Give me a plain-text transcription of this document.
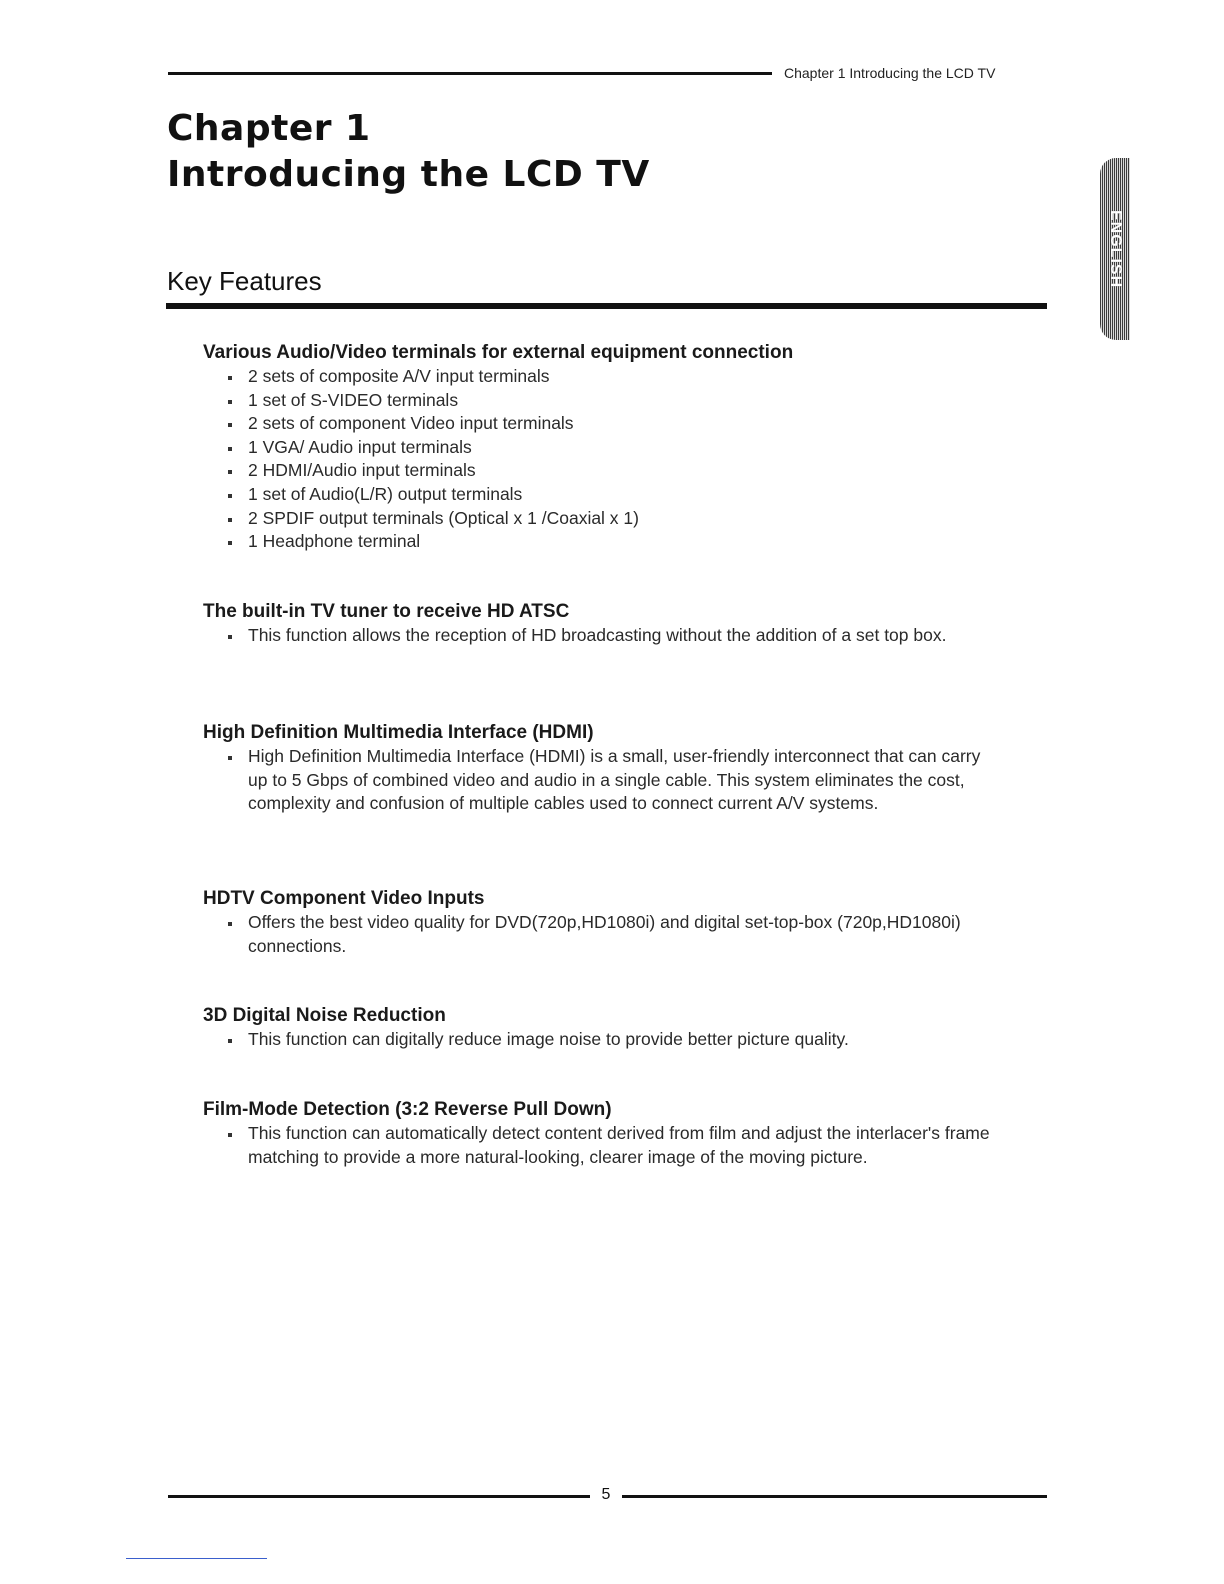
Chapter 1 Introducing the LCD TV
Chapter 1
Introducing the LCD TV
ENGLISH
Key Features
Various Audio/Video terminals for external equipment connection
2 sets of composite A/V input terminals
1 set of S-VIDEO terminals
2 sets of component Video input terminals
1 VGA/ Audio input terminals
2 HDMI/Audio input terminals
1 set of Audio(L/R) output terminals
2 SPDIF output terminals (Optical x 1 /Coaxial x 1)
1 Headphone terminal
The built-in TV tuner to receive HD ATSC
This function allows the reception of HD broadcasting without the addition of a set top box.
High Definition Multimedia Interface (HDMI)
High Definition Multimedia Interface (HDMI) is a small, user-friendly interconnect that can carry up to 5 Gbps of combined video and audio in a single cable. This system eliminates the cost, complexity and confusion of multiple cables used to connect current A/V systems.
HDTV Component Video Inputs
Offers the best video quality for DVD(720p,HD1080i) and digital set-top-box (720p,HD1080i) connections.
3D Digital Noise Reduction
This function can digitally reduce image noise to provide better picture quality.
Film-Mode Detection (3:2 Reverse Pull Down)
This function can automatically detect content derived from film and adjust the interlacer's frame matching to provide a more natural-looking, clearer image of the moving picture.
5
